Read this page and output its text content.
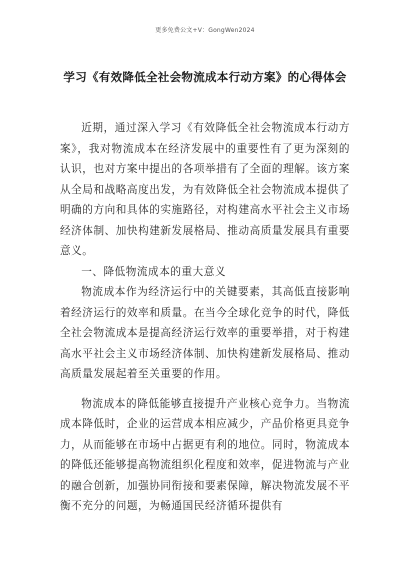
更多免费公文+V：GongWen2024
学习《有效降低全社会物流成本行动方案》的心得体会

近期，通过深入学习《有效降低全社会物流成本行动方案》，我对物流成本在经济发展中的重要性有了更为深刻的认识，也对方案中提出的各项举措有了全面的理解。该方案从全局和战略高度出发，为有效降低全社会物流成本提供了明确的方向和具体的实施路径，对构建高水平社会主义市场经济体制、加快构建新发展格局、推动高质量发展具有重要意义。

一、降低物流成本的重大意义

物流成本作为经济运行中的关键要素，其高低直接影响着经济运行的效率和质量。在当今全球化竞争的时代，降低全社会物流成本是提高经济运行效率的重要举措，对于构建高水平社会主义市场经济体制、加快构建新发展格局、推动高质量发展起着至关重要的作用。

物流成本的降低能够直接提升产业核心竞争力。当物流成本降低时，企业的运营成本相应减少，产品价格更具竞争力，从而能够在市场中占据更有利的地位。同时，物流成本的降低还能够提高物流组织化程度和效率，促进物流与产业的融合创新，加强协同衔接和要素保障，解决物流发展不平衡不充分的问题，为畅通国民经济循环提供有
